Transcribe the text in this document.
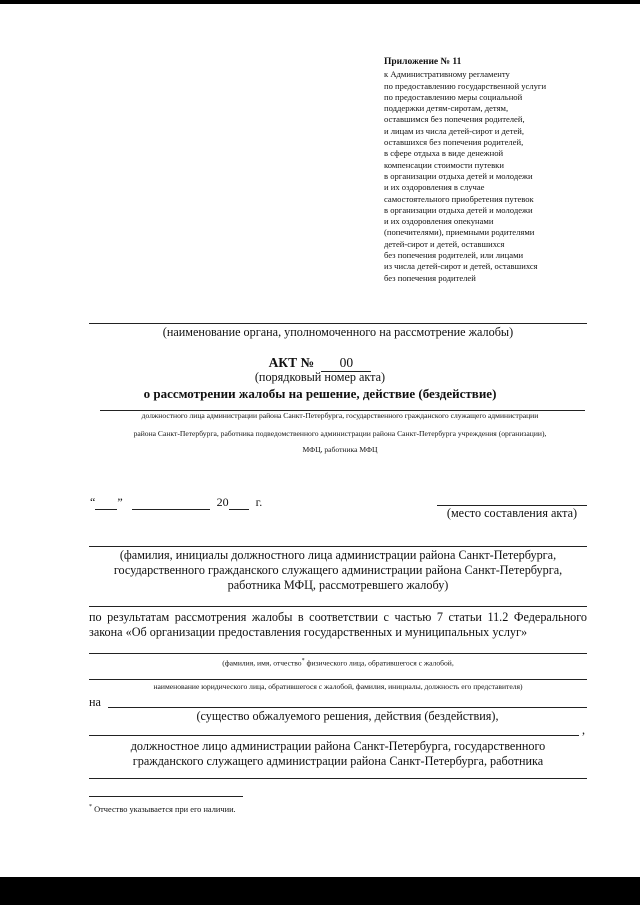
Приложение № 11
к Административному регламенту
по предоставлению государственной услуги
по предоставлению меры социальной
поддержки детям-сиротам, детям,
оставшимся без попечения родителей,
и лицам из числа детей-сирот и детей,
оставшихся без попечения родителей,
в сфере отдыха в виде денежной
компенсации стоимости путевки
в организации отдыха детей и молодежи
и их оздоровления в случае
самостоятельного приобретения путевок
в организации отдыха детей и молодежи
и их оздоровления опекунами
(попечителями), приемными родителями
детей-сирот и детей, оставшихся
без попечения родителей, или лицами
из числа детей-сирот и детей, оставшихся
без попечения родителей
(наименование органа, уполномоченного на рассмотрение жалобы)
АКТ № 00
(порядковый номер акта)
о рассмотрении жалобы на решение, действие (бездействие)
должностного лица администрации района Санкт-Петербурга, государственного гражданского служащего администрации
района Санкт-Петербурга, работника подведомственного администрации района Санкт-Петербурга учреждения (организации),
МФЦ, работника МФЦ
“ ”	20 г.
(место составления акта)
(фамилия, инициалы должностного лица администрации района Санкт-Петербурга,
государственного гражданского служащего администрации района Санкт-Петербурга,
работника МФЦ, рассмотревшего жалобу)
по результатам рассмотрения жалобы в соответствии с частью 7 статьи 11.2 Федерального закона «Об организации предоставления государственных и муниципальных услуг»
(фамилия, имя, отчество* физического лица, обратившегося с жалобой,
наименование юридического лица, обратившегося с жалобой, фамилия, инициалы, должность его представителя)
на
(существо обжалуемого решения, действия (бездействия),
,
должностное лицо администрации района Санкт-Петербурга, государственного
гражданского служащего администрации района Санкт-Петербурга, работника
* Отчество указывается при его наличии.
